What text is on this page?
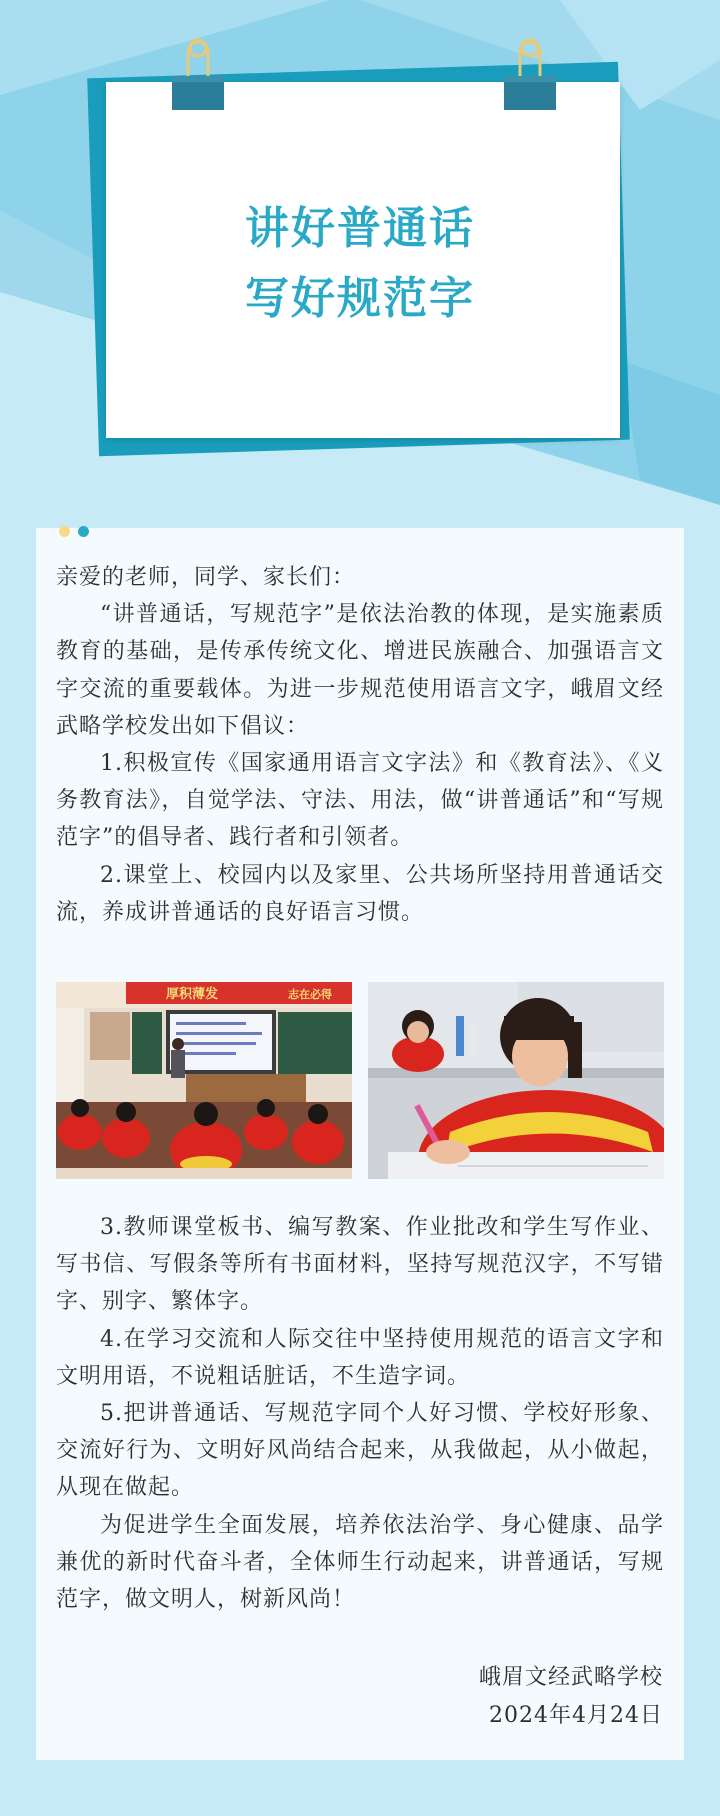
讲好普通话
写好规范字

亲爱的老师，同学、家长们：

“讲普通话，写规范字”是依法治教的体现，是实施素质教育的基础，是传承传统文化、增进民族融合、加强语言文字交流的重要载体。为进一步规范使用语言文字，峨眉文经武略学校发出如下倡议：

1.积极宣传《国家通用语言文字法》和《教育法》、《义务教育法》，自觉学法、守法、用法，做“讲普通话”和“写规范字”的倡导者、践行者和引领者。

2.课堂上、校园内以及家里、公共场所坚持用普通话交流，养成讲普通话的良好语言习惯。

厚积薄发	志在必得
ELITE

3.教师课堂板书、编写教案、作业批改和学生写作业、写书信、写假条等所有书面材料，坚持写规范汉字，不写错字、别字、繁体字。

4.在学习交流和人际交往中坚持使用规范的语言文字和文明用语，不说粗话脏话，不生造字词。

5.把讲普通话、写规范字同个人好习惯、学校好形象、交流好行为、文明好风尚结合起来，从我做起，从小做起，从现在做起。

为促进学生全面发展，培养依法治学、身心健康、品学兼优的新时代奋斗者，全体师生行动起来，讲普通话，写规范字，做文明人，树新风尚！

峨眉文经武略学校
2024年4月24日
